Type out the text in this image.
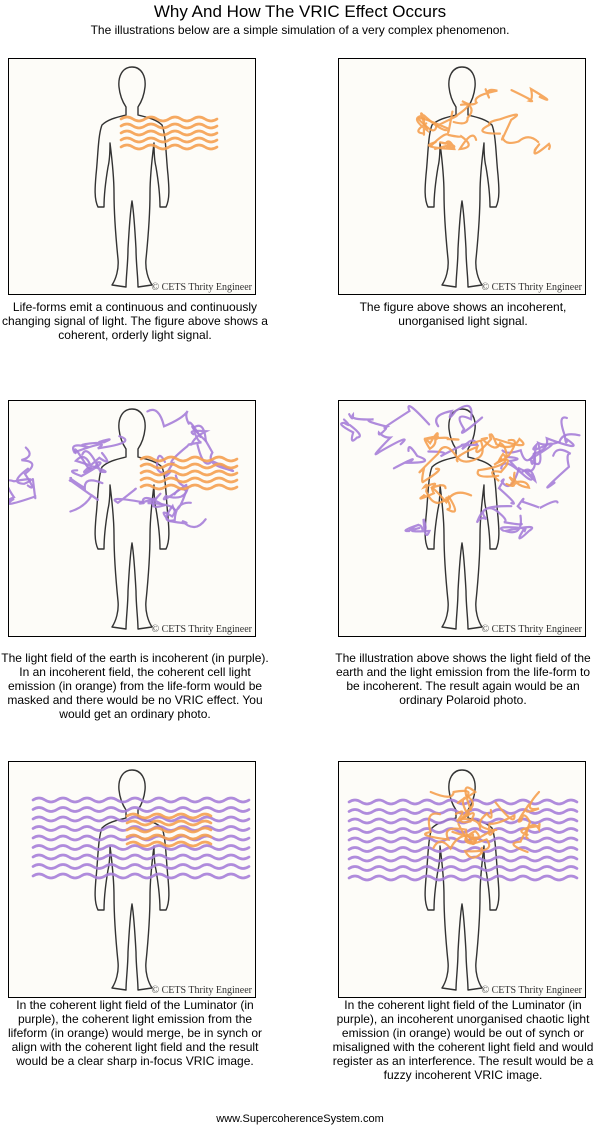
Why And How The VRIC Effect Occurs
The illustrations below are a simple simulation of a very complex phenomenon.
© CETS Thrity Engineer
Life-forms emit a continuous and continuously changing signal of light. The figure above shows a coherent, orderly light signal.
© CETS Thrity Engineer
The figure above shows an incoherent, unorganised light signal.
© CETS Thrity Engineer
The light field of the earth is incoherent (in purple). In an incoherent field, the coherent cell light emission (in orange) from the life-form would be masked and there would be no VRIC effect. You would get an ordinary photo.
© CETS Thrity Engineer
The illustration above shows the light field of the earth and the light emission from the life-form to be incoherent. The result again would be an ordinary Polaroid photo.
© CETS Thrity Engineer
In the coherent light field of the Luminator (in purple), the coherent light emission from the lifeform (in orange) would merge, be in synch or align with the coherent light field and the result would be a clear sharp in-focus VRIC image.
© CETS Thrity Engineer
In the coherent light field of the Luminator (in purple), an incoherent unorganised chaotic light emission (in orange) would be out of synch or misaligned with the coherent light field and would register as an interference. The result would be a fuzzy incoherent VRIC image.
www.SupercoherenceSystem.com
